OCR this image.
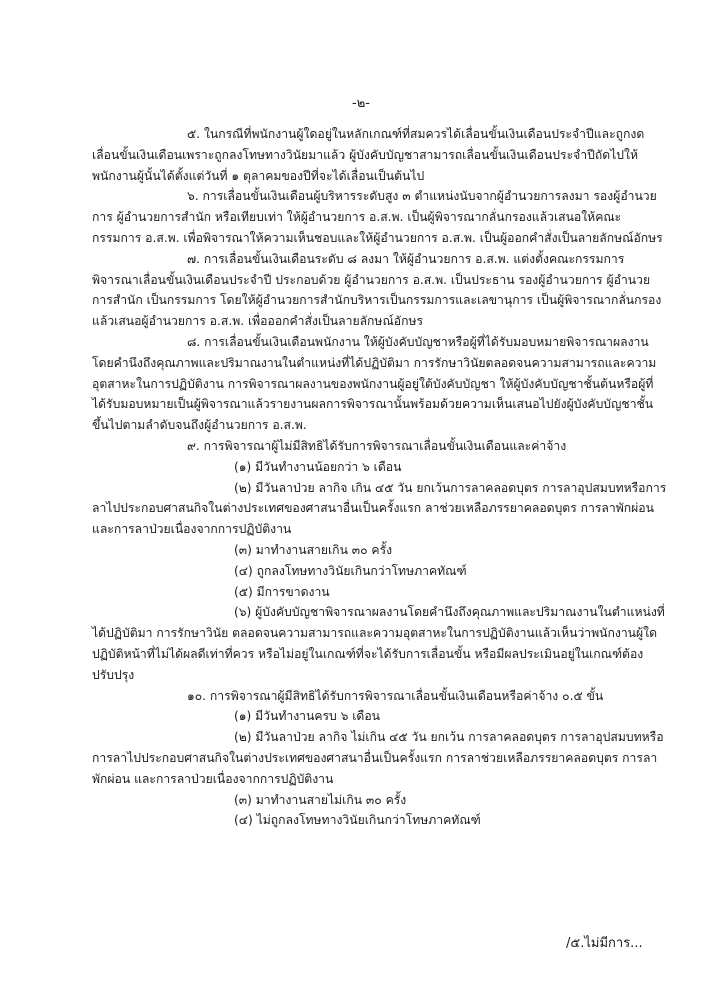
-๒-

๕. ในกรณีที่พนักงานผู้ใดอยู่ในหลักเกณฑ์ที่สมควรได้เลื่อนขั้นเงินเดือนประจำปีและถูกงดเลื่อนขั้นเงินเดือนเพราะถูกลงโทษทางวินัยมาแล้ว ผู้บังคับบัญชาสามารถเลื่อนขั้นเงินเดือนประจำปีถัดไปให้พนักงานผู้นั้นได้ตั้งแต่วันที่ ๑ ตุลาคมของปีที่จะได้เลื่อนเป็นต้นไป

๖. การเลื่อนขั้นเงินเดือนผู้บริหารระดับสูง ๓ ตำแหน่งนับจากผู้อำนวยการลงมา รองผู้อำนวยการ ผู้อำนวยการสำนัก หรือเทียบเท่า ให้ผู้อำนวยการ อ.ส.พ. เป็นผู้พิจารณากลั่นกรองแล้วเสนอให้คณะกรรมการ อ.ส.พ. เพื่อพิจารณาให้ความเห็นชอบและให้ผู้อำนวยการ อ.ส.พ. เป็นผู้ออกคำสั่งเป็นลายลักษณ์อักษร

๗. การเลื่อนขั้นเงินเดือนระดับ ๘ ลงมา ให้ผู้อำนวยการ อ.ส.พ. แต่งตั้งคณะกรรมการพิจารณาเลื่อนขั้นเงินเดือนประจำปี ประกอบด้วย ผู้อำนวยการ อ.ส.พ. เป็นประธาน รองผู้อำนวยการ ผู้อำนวยการสำนัก เป็นกรรมการ โดยให้ผู้อำนวยการสำนักบริหารเป็นกรรมการและเลขานุการ เป็นผู้พิจารณากลั่นกรองแล้วเสนอผู้อำนวยการ อ.ส.พ. เพื่อออกคำสั่งเป็นลายลักษณ์อักษร

๘. การเลื่อนขั้นเงินเดือนพนักงาน ให้ผู้บังคับบัญชาหรือผู้ที่ได้รับมอบหมายพิจารณาผลงานโดยคำนึงถึงคุณภาพและปริมาณงานในตำแหน่งที่ได้ปฏิบัติมา การรักษาวินัยตลอดจนความสามารถและความอุตสาหะในการปฏิบัติงาน การพิจารณาผลงานของพนักงานผู้อยู่ใต้บังคับบัญชา ให้ผู้บังคับบัญชาชั้นต้นหรือผู้ที่ได้รับมอบหมายเป็นผู้พิจารณาแล้วรายงานผลการพิจารณานั้นพร้อมด้วยความเห็นเสนอไปยังผู้บังคับบัญชาชั้นขึ้นไปตามลำดับจนถึงผู้อำนวยการ อ.ส.พ.

๙. การพิจารณาผู้ไม่มีสิทธิได้รับการพิจารณาเลื่อนขั้นเงินเดือนและค่าจ้าง

(๑) มีวันทำงานน้อยกว่า ๖ เดือน

(๒) มีวันลาป่วย ลากิจ เกิน ๔๕ วัน ยกเว้นการลาคลอดบุตร การลาอุปสมบทหรือการลาไปประกอบศาสนกิจในต่างประเทศของศาสนาอื่นเป็นครั้งแรก ลาช่วยเหลือภรรยาคลอดบุตร การลาพักผ่อน และการลาป่วยเนื่องจากการปฏิบัติงาน

(๓) มาทำงานสายเกิน ๓๐ ครั้ง

(๔) ถูกลงโทษทางวินัยเกินกว่าโทษภาคทัณฑ์

(๕) มีการขาดงาน

(๖) ผู้บังคับบัญชาพิจารณาผลงานโดยคำนึงถึงคุณภาพและปริมาณงานในตำแหน่งที่ได้ปฏิบัติมา การรักษาวินัย ตลอดจนความสามารถและความอุตสาหะในการปฏิบัติงานแล้วเห็นว่าพนักงานผู้ใดปฏิบัติหน้าที่ไม่ได้ผลดีเท่าที่ควร หรือไม่อยู่ในเกณฑ์ที่จะได้รับการเลื่อนขั้น หรือมีผลประเมินอยู่ในเกณฑ์ต้องปรับปรุง

๑๐. การพิจารณาผู้มีสิทธิได้รับการพิจารณาเลื่อนขั้นเงินเดือนหรือค่าจ้าง ๐.๕ ขั้น

(๑) มีวันทำงานครบ ๖ เดือน

(๒) มีวันลาป่วย ลากิจ ไม่เกิน ๔๕ วัน ยกเว้น การลาคลอดบุตร การลาอุปสมบทหรือการลาไปประกอบศาสนกิจในต่างประเทศของศาสนาอื่นเป็นครั้งแรก การลาช่วยเหลือภรรยาคลอดบุตร การลาพักผ่อน และการลาป่วยเนื่องจากการปฏิบัติงาน

(๓) มาทำงานสายไม่เกิน ๓๐ ครั้ง

(๔) ไม่ถูกลงโทษทางวินัยเกินกว่าโทษภาคทัณฑ์

/๕.ไม่มีการ...
